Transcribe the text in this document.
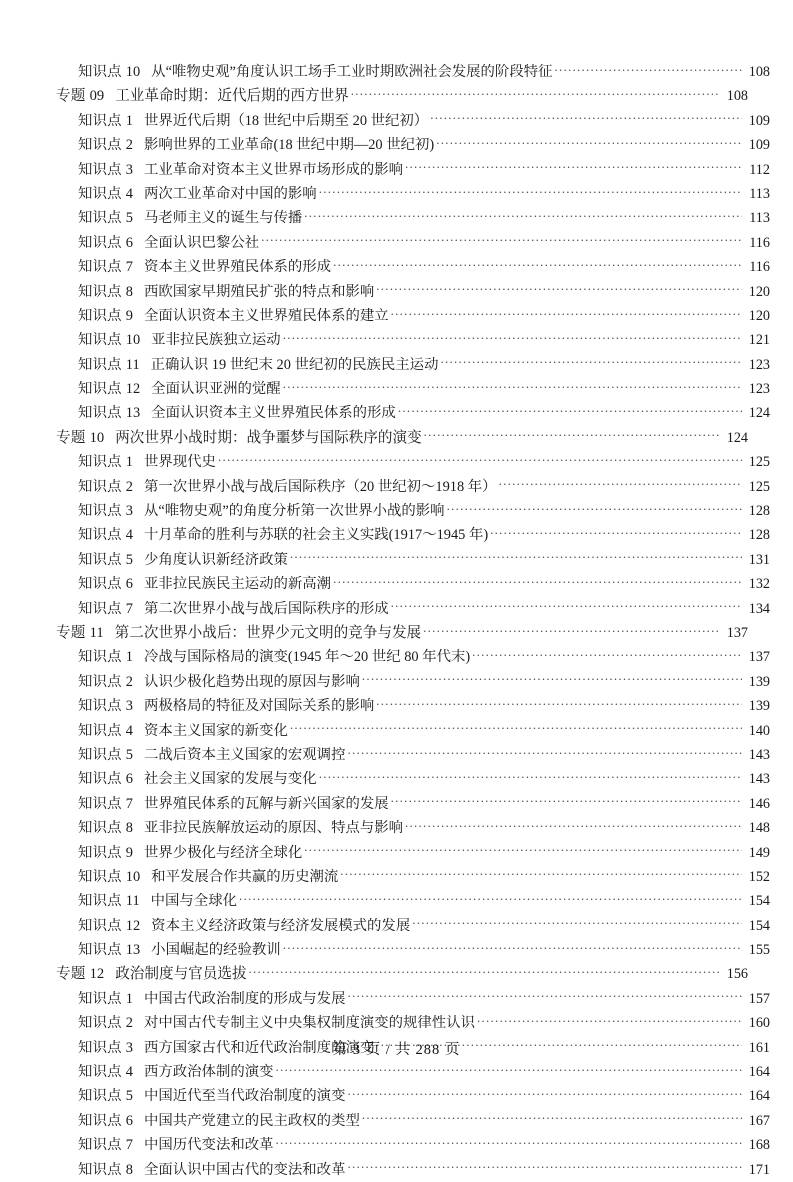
知识点 10 从“唯物史观”角度认识工场手工业时期欧洲社会发展的阶段特征 .....	108
专题 09 工业革命时期：近代后期的西方世界 .....	108
知识点 1 世界近代后期（18 世纪中后期至 20 世纪初） .....	109
知识点 2 影响世界的工业革命(18 世纪中期—20 世纪初) .....	109
知识点 3 工业革命对资本主义世界市场形成的影响 .....	112
知识点 4 两次工业革命对中国的影响 .....	113
知识点 5 马老师主义的诞生与传播 .....	113
知识点 6 全面认识巴黎公社 .....	116
知识点 7 资本主义世界殖民体系的形成 .....	116
知识点 8 西欧国家早期殖民扩张的特点和影响 .....	120
知识点 9 全面认识资本主义世界殖民体系的建立 .....	120
知识点 10 亚非拉民族独立运动 .....	121
知识点 11 正确认识 19 世纪末 20 世纪初的民族民主运动 .....	123
知识点 12 全面认识亚洲的觉醒 .....	123
知识点 13 全面认识资本主义世界殖民体系的形成 .....	124
专题 10 两次世界小战时期：战争噩梦与国际秩序的演变 .....	124
知识点 1 世界现代史 .....	125
知识点 2 第一次世界小战与战后国际秩序（20 世纪初～1918 年） .....	125
知识点 3 从“唯物史观”的角度分析第一次世界小战的影响 .....	128
知识点 4 十月革命的胜利与苏联的社会主义实践(1917～1945 年) .....	128
知识点 5 少角度认识新经济政策 .....	131
知识点 6 亚非拉民族民主运动的新高潮 .....	132
知识点 7 第二次世界小战与战后国际秩序的形成 .....	134
专题 11 第二次世界小战后：世界少元文明的竞争与发展 .....	137
知识点 1 冷战与国际格局的演变(1945 年～20 世纪 80 年代末) .....	137
知识点 2 认识少极化趋势出现的原因与影响 .....	139
知识点 3 两极格局的特征及对国际关系的影响 .....	139
知识点 4 资本主义国家的新变化 .....	140
知识点 5 二战后资本主义国家的宏观调控 .....	143
知识点 6 社会主义国家的发展与变化 .....	143
知识点 7 世界殖民体系的瓦解与新兴国家的发展 .....	146
知识点 8 亚非拉民族解放运动的原因、特点与影响 .....	148
知识点 9 世界少极化与经济全球化 .....	149
知识点 10 和平发展合作共赢的历史潮流 .....	152
知识点 11 中国与全球化 .....	154
知识点 12 资本主义经济政策与经济发展模式的发展 .....	154
知识点 13 小国崛起的经验教训 .....	155
专题 12 政治制度与官员选拔 .....	156
知识点 1 中国古代政治制度的形成与发展 .....	157
知识点 2 对中国古代专制主义中央集权制度演变的规律性认识 .....	160
知识点 3 西方国家古代和近代政治制度的演变 .....	161
知识点 4 西方政治体制的演变 .....	164
知识点 5 中国近代至当代政治制度的演变 .....	164
知识点 6 中国共产党建立的民主政权的类型 .....	167
知识点 7 中国历代变法和改革 .....	168
知识点 8 全面认识中国古代的变法和改革 .....	171
第 3 页 / 共 288 页
